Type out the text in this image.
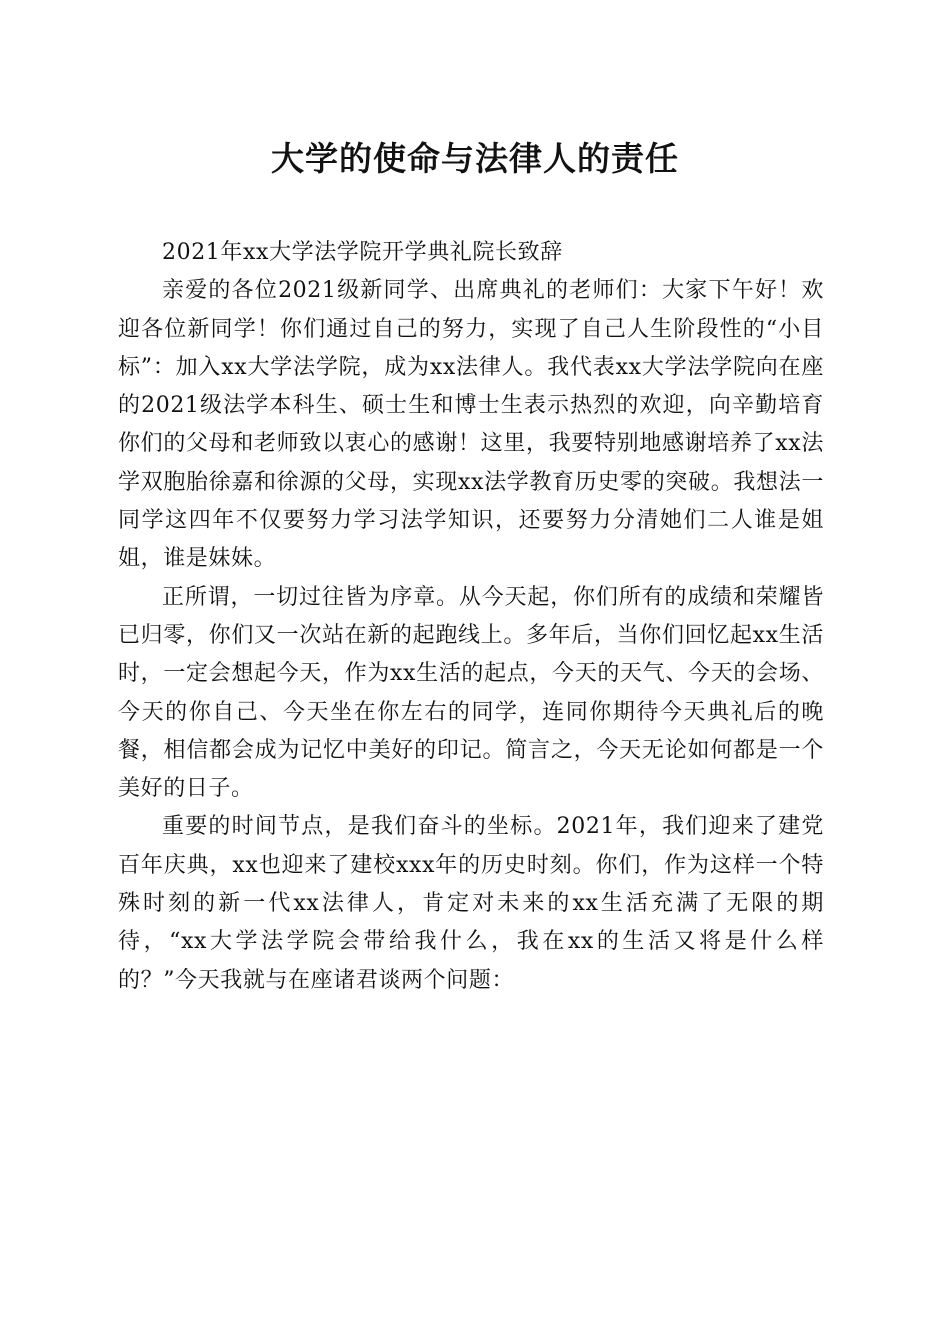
大学的使命与法律人的责任

2021年xx大学法学院开学典礼院长致辞

亲爱的各位2021级新同学、出席典礼的老师们：大家下午好！欢迎各位新同学！你们通过自己的努力，实现了自己人生阶段性的“小目标”：加入xx大学法学院，成为xx法律人。我代表xx大学法学院向在座的2021级法学本科生、硕士生和博士生表示热烈的欢迎，向辛勤培育你们的父母和老师致以衷心的感谢！这里，我要特别地感谢培养了xx法学双胞胎徐嘉和徐源的父母，实现xx法学教育历史零的突破。我想法一同学这四年不仅要努力学习法学知识，还要努力分清她们二人谁是姐姐，谁是妹妹。

正所谓，一切过往皆为序章。从今天起，你们所有的成绩和荣耀皆已归零，你们又一次站在新的起跑线上。多年后，当你们回忆起xx生活时，一定会想起今天，作为xx生活的起点，今天的天气、今天的会场、今天的你自己、今天坐在你左右的同学，连同你期待今天典礼后的晚餐，相信都会成为记忆中美好的印记。简言之，今天无论如何都是一个美好的日子。

重要的时间节点，是我们奋斗的坐标。2021年，我们迎来了建党百年庆典，xx也迎来了建校xxx年的历史时刻。你们，作为这样一个特殊时刻的新一代xx法律人，肯定对未来的xx生活充满了无限的期待，“xx大学法学院会带给我什么，我在xx的生活又将是什么样的？”今天我就与在座诸君谈两个问题：
